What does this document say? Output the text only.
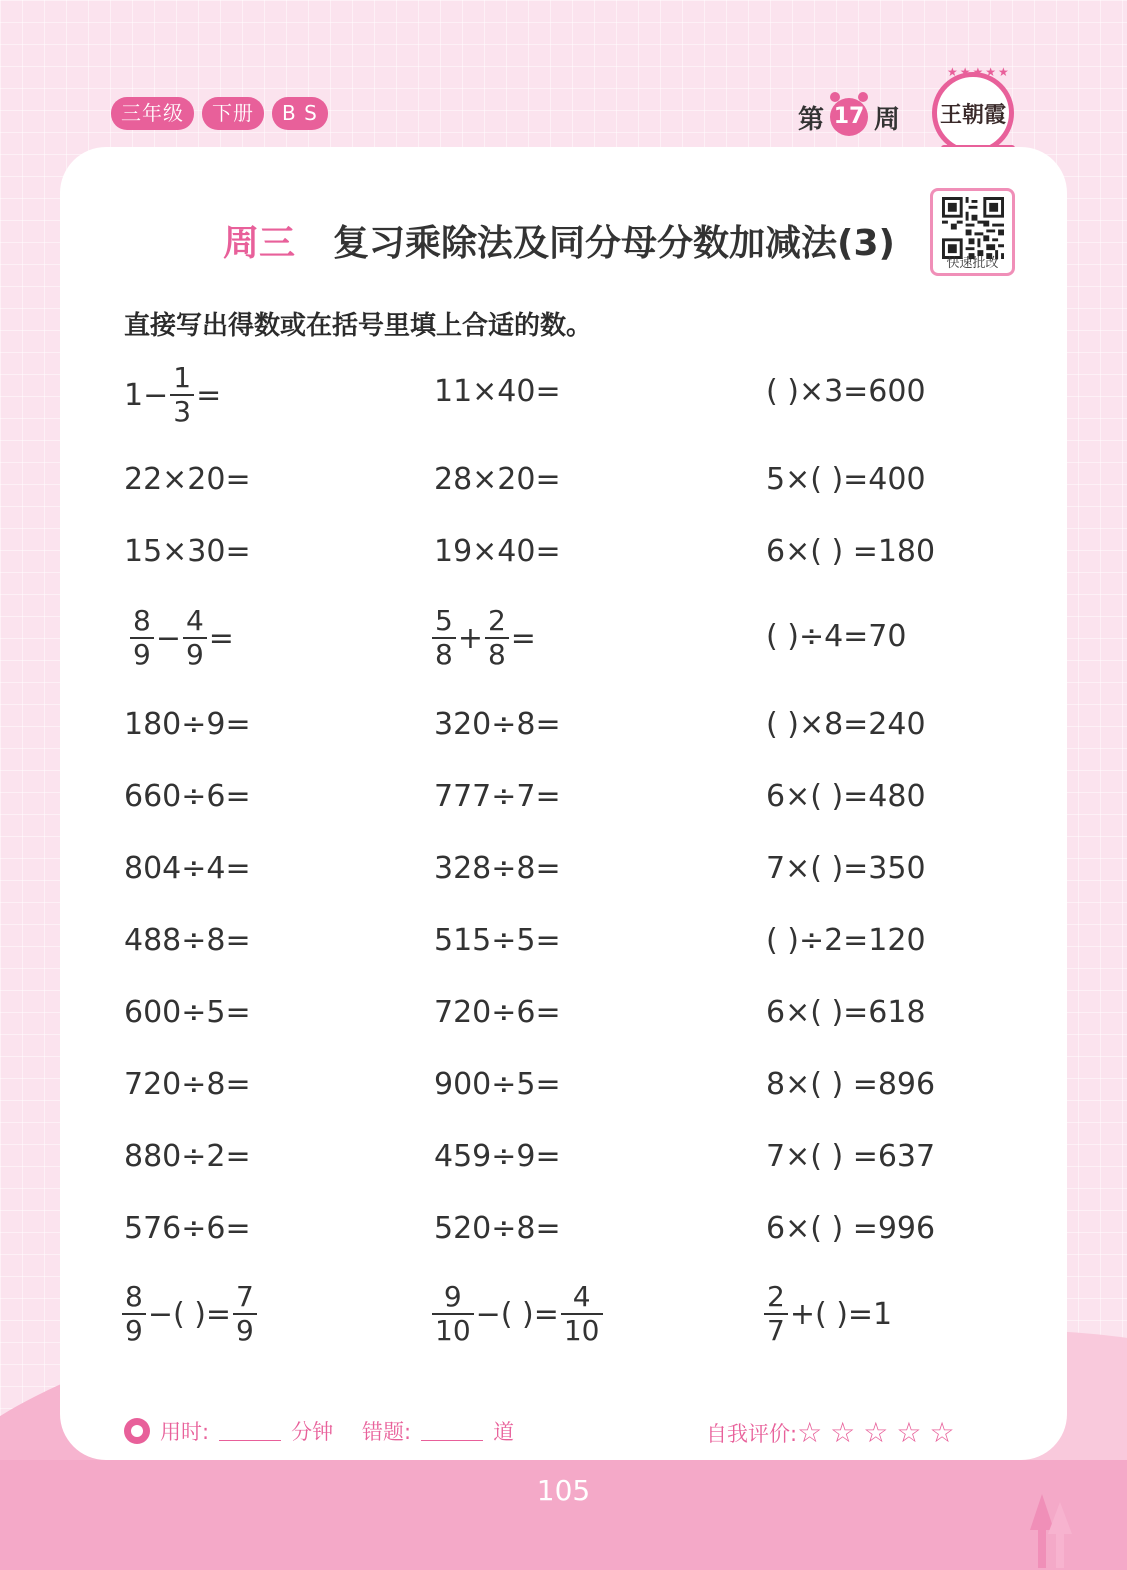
三年级	下册	B S	第 17 周
★★★★★
王朝霞
周三 复习乘除法及同分母分数加减法(3)	快速批改
直接写出得数或在括号里填上合适的数。
$1- \frac{1}{3}$ =	11×40=	( )×3=600
22×20=	28×20=	5×( )=400
15×30=	19×40=	6×( ) =180
$\frac{8}{9} - \frac{4}{9}$ =	$\frac{5}{8} + \frac{2}{8}$ =	( )÷4=70
180÷9=	320÷8=	( )×8=240
660÷6=	777÷7=	6×( )=480
804÷4=	328÷8=	7×( )=350
488÷8=	515÷5=	( )÷2=120
600÷5=	720÷6=	6×( )=618
720÷8=	900÷5=	8×( ) =896
880÷2=	459÷9=	7×( ) =637
576÷6=	520÷8=	6×( ) =996
$\frac{8}{9}$ −( )= $\frac{7}{9}$	$\frac{9}{10}$ −( )= $\frac{4}{10}$	$\frac{2}{7}$ +( )=1
用时:	分钟 错题:	道	自我评价: ☆☆☆☆☆
105
